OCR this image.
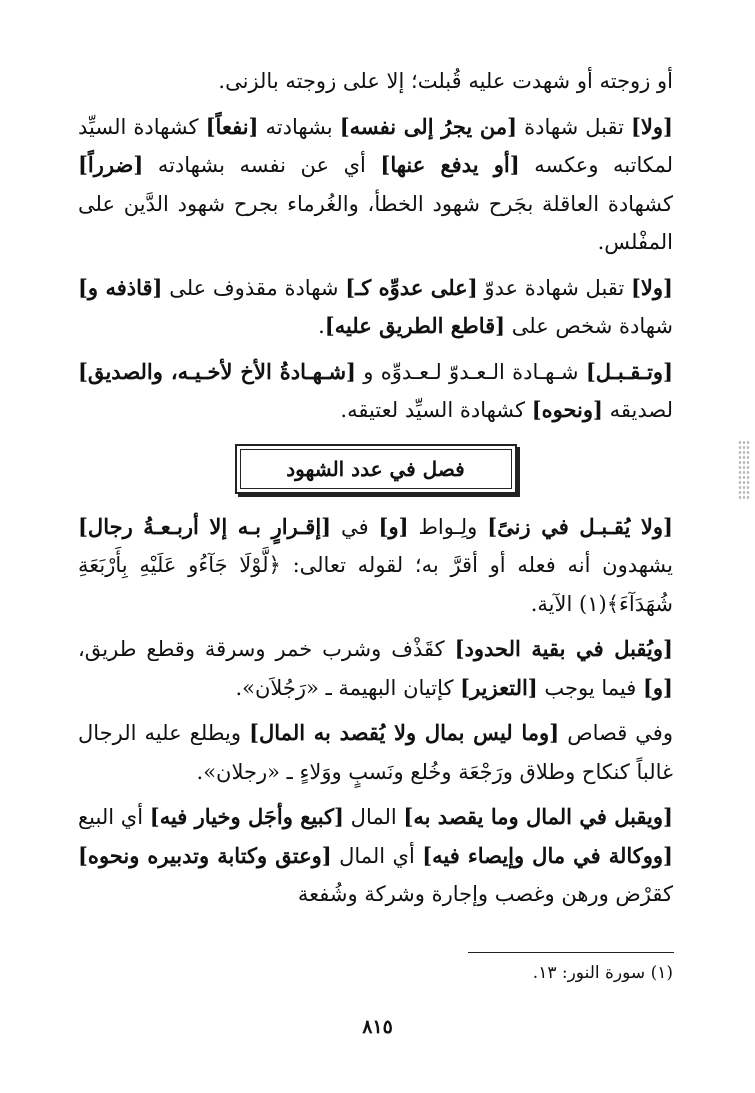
أو زوجته أو شهدت عليه قُبلت؛ إلا على زوجته بالزنى.

[ولا] تقبل شهادة [من يجرُ إلى نفسه] بشهادته [نفعاً] كشهادة السيِّد لمكاتبه وعكسه [أو يدفع عنها] أي عن نفسه بشهادته [ضرراً] كشهادة العاقلة بجَرح شهود الخطأ، والغُرماء بجرح شهود الدَّين على المفْلس.

[ولا] تقبل شهادة عدوّ [على عدوِّه كـ] شهادة مقذوف على [قاذفه و] شهادة شخص على [قاطع الطريق عليه].

[وتـقـبـل] شـهـادة الـعـدوّ لـعـدوِّه و [شـهـادةُ الأخ لأخـيـه، والصديق] لصديقه [ونحوه] كشهادة السيِّد لعتيقه.

فصل في عدد الشهود

[ولا يُقـبـل في زنىً] ولِـواط [و] في [إقـرارٍ بـه إلا أربـعـةُ رجال] يشهدون أنه فعله أو أقرَّ به؛ لقوله تعالى: ﴿لَّوْلَا جَآءُو عَلَيْهِ بِأَرْبَعَةِ شُهَدَآءَ﴾(١) الآية.

[ويُقبل في بقية الحدود] كقَذْف وشرب خمر وسرقة وقطع طريق، [و] فيما يوجب [التعزير] كإتيان البهيمة ـ «رَجُلاَن».

وفي قصاص [وما ليس بمال ولا يُقصد به المال] ويطلع عليه الرجال غالباً كنكاح وطلاق ورَجْعَة وخُلع ونَسبٍ ووَلاءٍ ـ «رجلان».

[ويقبل في المال وما يقصد به] المال [كبيع وأجَل وخيار فيه] أي البيع [ووكالة في مال وإيصاء فيه] أي المال [وعتق وكتابة وتدبيره ونحوه] كقرْض ورهن وغصب وإجارة وشركة وشُفعة

(١) سورة النور: ١٣.
٨١٥
